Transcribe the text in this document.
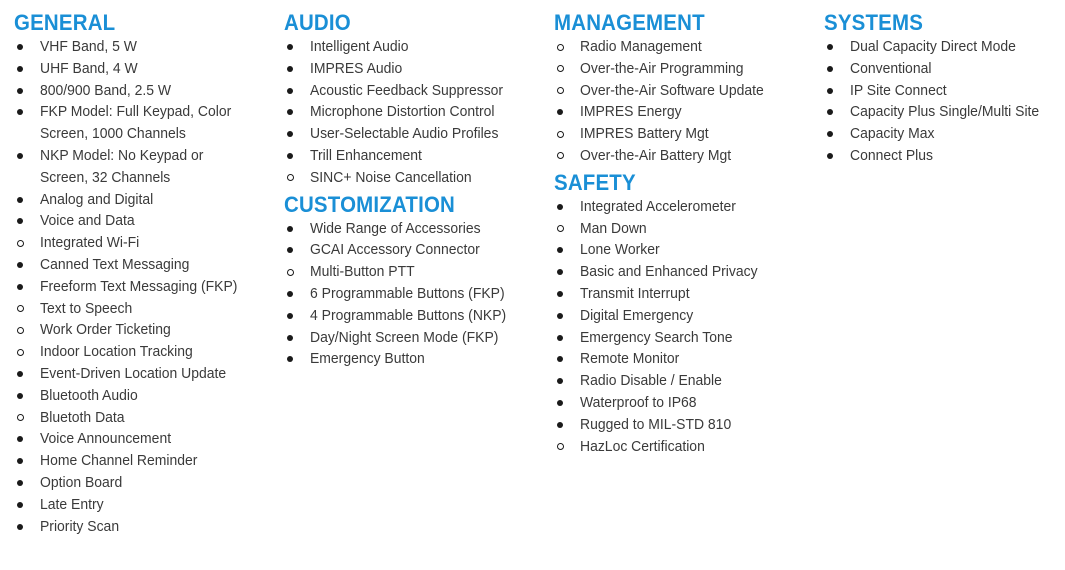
GENERAL
VHF Band, 5 W
UHF Band, 4 W
800/900 Band, 2.5 W
FKP Model: Full Keypad, Color Screen, 1000 Channels
NKP Model: No Keypad or Screen, 32 Channels
Analog and Digital
Voice and Data
Integrated Wi-Fi
Canned Text Messaging
Freeform Text Messaging (FKP)
Text to Speech
Work Order Ticketing
Indoor Location Tracking
Event-Driven Location Update
Bluetooth Audio
Bluetoth Data
Voice Announcement
Home Channel Reminder
Option Board
Late Entry
Priority Scan
AUDIO
Intelligent Audio
IMPRES Audio
Acoustic Feedback Suppressor
Microphone Distortion Control
User-Selectable Audio Profiles
Trill Enhancement
SINC+ Noise Cancellation
CUSTOMIZATION
Wide Range of Accessories
GCAI Accessory Connector
Multi-Button PTT
6 Programmable Buttons (FKP)
4 Programmable Buttons (NKP)
Day/Night Screen Mode (FKP)
Emergency Button
MANAGEMENT
Radio Management
Over-the-Air Programming
Over-the-Air Software Update
IMPRES Energy
IMPRES Battery Mgt
Over-the-Air Battery Mgt
SAFETY
Integrated Accelerometer
Man Down
Lone Worker
Basic and Enhanced Privacy
Transmit Interrupt
Digital Emergency
Emergency Search Tone
Remote Monitor
Radio Disable / Enable
Waterproof to IP68
Rugged to MIL-STD 810
HazLoc Certification
SYSTEMS
Dual Capacity Direct Mode
Conventional
IP Site Connect
Capacity Plus Single/Multi Site
Capacity Max
Connect Plus
